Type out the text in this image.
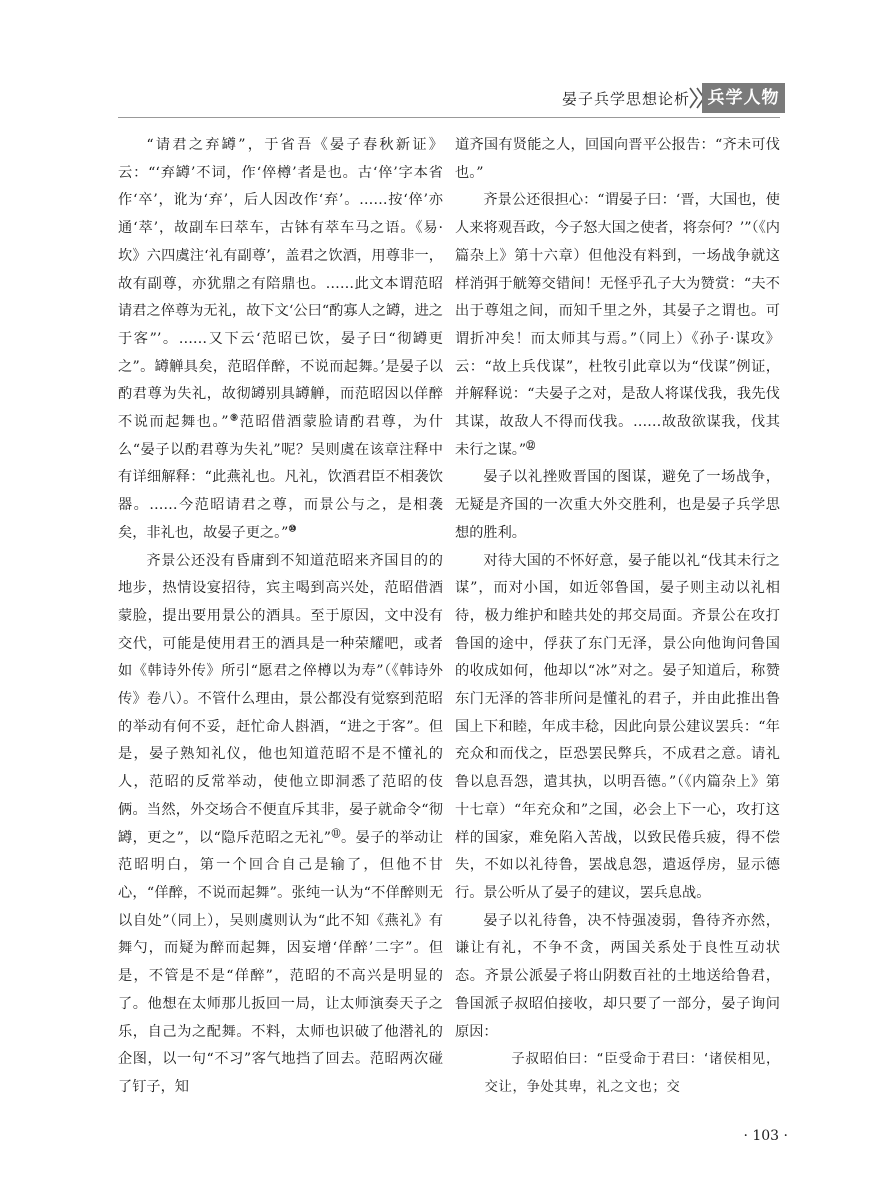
晏子兵学思想论析	兵学人物

“请君之弃罇”，于省吾《晏子春秋新证》云：“‘弃罇’不词，作‘倅樽’者是也。古‘倅’字本省作‘卒’，讹为‘弃’，后人因改作‘弃’。……按‘倅’亦通‘萃’，故副车曰萃车，古钵有萃车马之语。《易·坎》六四虞注‘礼有副尊’，盖君之饮酒，用尊非一，故有副尊，亦犹鼎之有陪鼎也。……此文本谓范昭请君之倅尊为无礼，故下文‘公曰“酌寡人之罇，进之于客”’。……又下云‘范昭已饮，晏子曰“彻罇更之”。罇觯具矣，范昭佯醉，不说而起舞。’是晏子以酌君尊为失礼，故彻罇别具罇觯，而范昭因以佯醉不说而起舞也。”⑨范昭借酒蒙脸请酌君尊，为什么“晏子以酌君尊为失礼”呢？吴则虞在该章注释中有详细解释：“此燕礼也。凡礼，饮酒君臣不相袭饮器。……今范昭请君之尊，而景公与之，是相袭矣，非礼也，故晏子更之。”⑩

齐景公还没有昏庸到不知道范昭来齐国目的的地步，热情设宴招待，宾主喝到高兴处，范昭借酒蒙脸，提出要用景公的酒具。至于原因，文中没有交代，可能是使用君王的酒具是一种荣耀吧，或者如《韩诗外传》所引“愿君之倅樽以为寿”（《韩诗外传》卷八）。不管什么理由，景公都没有觉察到范昭的举动有何不妥，赶忙命人斟酒，“进之于客”。但是，晏子熟知礼仪，他也知道范昭不是不懂礼的人，范昭的反常举动，使他立即洞悉了范昭的伎俩。当然，外交场合不便直斥其非，晏子就命令“彻罇，更之”，以“隐斥范昭之无礼”⑪。晏子的举动让范昭明白，第一个回合自己是输了，但他不甘心，“佯醉，不说而起舞”。张纯一认为“不佯醉则无以自处”（同上），吴则虞则认为“此不知《燕礼》有舞勺，而疑为醉而起舞，因妄增‘佯醉’二字”。但是，不管是不是“佯醉”，范昭的不高兴是明显的了。他想在太师那儿扳回一局，让太师演奏天子之乐，自己为之配舞。不料，太师也识破了他潜礼的企图，以一句“不习”客气地挡了回去。范昭两次碰了钉子，知

道齐国有贤能之人，回国向晋平公报告：“齐未可伐也。”

齐景公还很担心：“谓晏子曰：‘晋，大国也，使人来将观吾政，今子怒大国之使者，将奈何？’”（《内篇杂上》第十六章）但他没有料到，一场战争就这样消弭于觥筹交错间！无怪乎孔子大为赞赏：“夫不出于尊俎之间，而知千里之外，其晏子之谓也。可谓折冲矣！而太师其与焉。”（同上）《孙子·谋攻》云：“故上兵伐谋”，杜牧引此章以为“伐谋”例证，并解释说：“夫晏子之对，是敌人将谋伐我，我先伐其谋，故敌人不得而伐我。……故敌欲谋我，伐其未行之谋。”⑫

晏子以礼挫败晋国的图谋，避免了一场战争，无疑是齐国的一次重大外交胜利，也是晏子兵学思想的胜利。

对待大国的不怀好意，晏子能以礼“伐其未行之谋”，而对小国，如近邻鲁国，晏子则主动以礼相待，极力维护和睦共处的邦交局面。齐景公在攻打鲁国的途中，俘获了东门无泽，景公向他询问鲁国的收成如何，他却以“冰”对之。晏子知道后，称赞东门无泽的答非所问是懂礼的君子，并由此推出鲁国上下和睦，年成丰稔，因此向景公建议罢兵：“年充众和而伐之，臣恐罢民弊兵，不成君之意。请礼鲁以息吾怨，遣其执，以明吾德。”（《内篇杂上》第十七章）“年充众和”之国，必会上下一心，攻打这样的国家，难免陷入苦战，以致民倦兵疲，得不偿失，不如以礼待鲁，罢战息怨，遣返俘房，显示德行。景公听从了晏子的建议，罢兵息战。

晏子以礼待鲁，决不恃强凌弱，鲁待齐亦然，谦让有礼，不争不贪，两国关系处于良性互动状态。齐景公派晏子将山阴数百社的土地送给鲁君，鲁国派子叔昭伯接收，却只要了一部分，晏子询问原因：

子叔昭伯曰：“臣受命于君曰：‘诸侯相见，交让，争处其卑，礼之文也；交

· 103 ·
